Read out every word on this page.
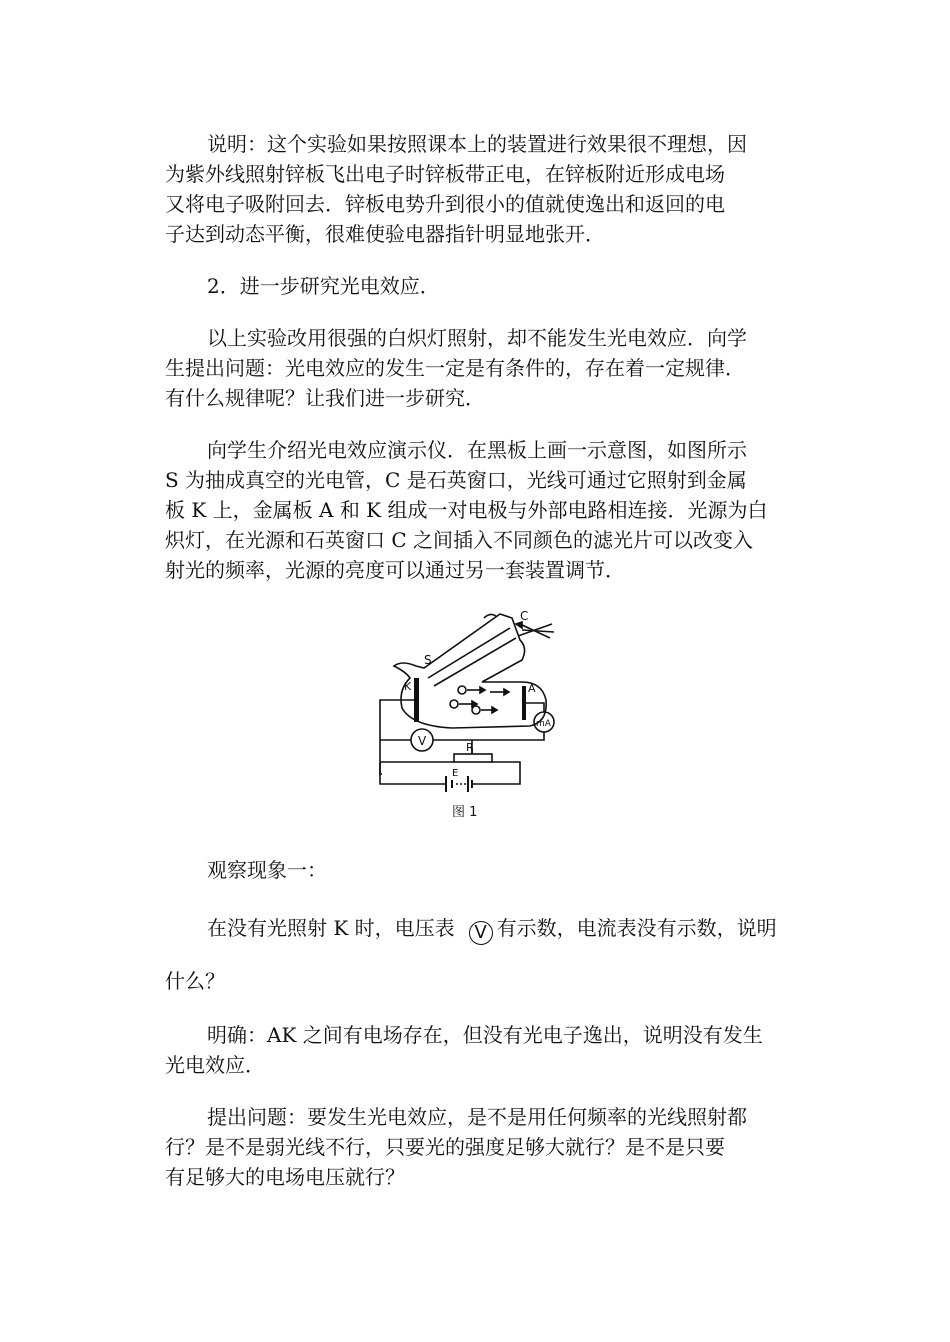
说明：这个实验如果按照课本上的装置进行效果很不理想，因
为紫外线照射锌板飞出电子时锌板带正电，在锌板附近形成电场
又将电子吸附回去．锌板电势升到很小的值就使逸出和返回的电
子达到动态平衡，很难使验电器指针明显地张开．
2．进一步研究光电效应．
以上实验改用很强的白炽灯照射，却不能发生光电效应．向学
生提出问题：光电效应的发生一定是有条件的，存在着一定规律．
有什么规律呢？让我们进一步研究．
向学生介绍光电效应演示仪．在黑板上画一示意图，如图所示
S 为抽成真空的光电管，C 是石英窗口，光线可通过它照射到金属
板 K 上，金属板 A 和 K 组成一对电极与外部电路相连接．光源为白
炽灯，在光源和石英窗口 C 之间插入不同颜色的滤光片可以改变入
射光的频率，光源的亮度可以通过另一套装置调节．
C
S
K	A
mA
V	R
E
图 1
观察现象一：
在没有光照射 K 时，电压表 V 有示数，电流表没有示数，说明
什么？
明确：AK 之间有电场存在，但没有光电子逸出，说明没有发生
光电效应．
提出问题：要发生光电效应，是不是用任何频率的光线照射都
行？是不是弱光线不行，只要光的强度足够大就行？是不是只要
有足够大的电场电压就行？
